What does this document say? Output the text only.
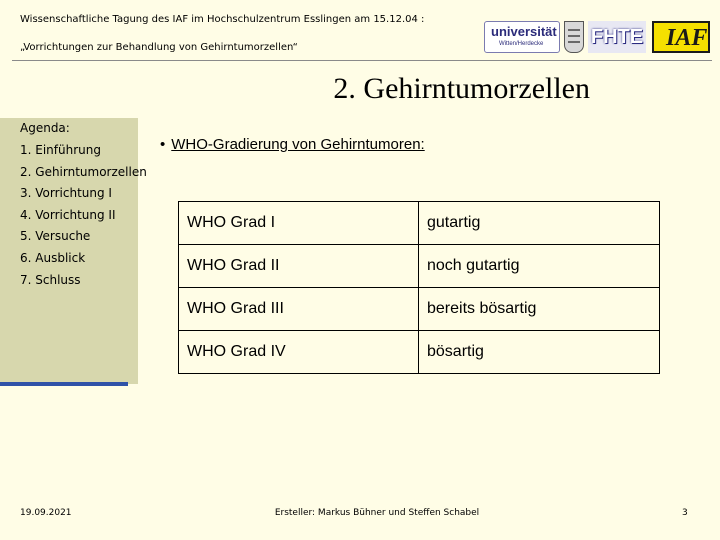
Wissenschaftliche Tagung des IAF im Hochschulzentrum Esslingen am 15.12.04 :
„Vorrichtungen zur Behandlung von Gehirntumorzellen“
universität
Witten/Herdecke FHTE IAF
2. Gehirntumorzellen
Agenda:
1. Einführung
2. Gehirntumorzellen
3. Vorrichtung I
4. Vorrichtung II
5. Versuche
6. Ausblick
7. Schluss
• WHO-Gradierung von Gehirntumoren:
WHO Grad I	gutartig
WHO Grad II	noch gutartig
WHO Grad III	bereits bösartig
WHO Grad IV	bösartig
19.09.2021	Ersteller: Markus Bühner und Steffen Schabel	3
